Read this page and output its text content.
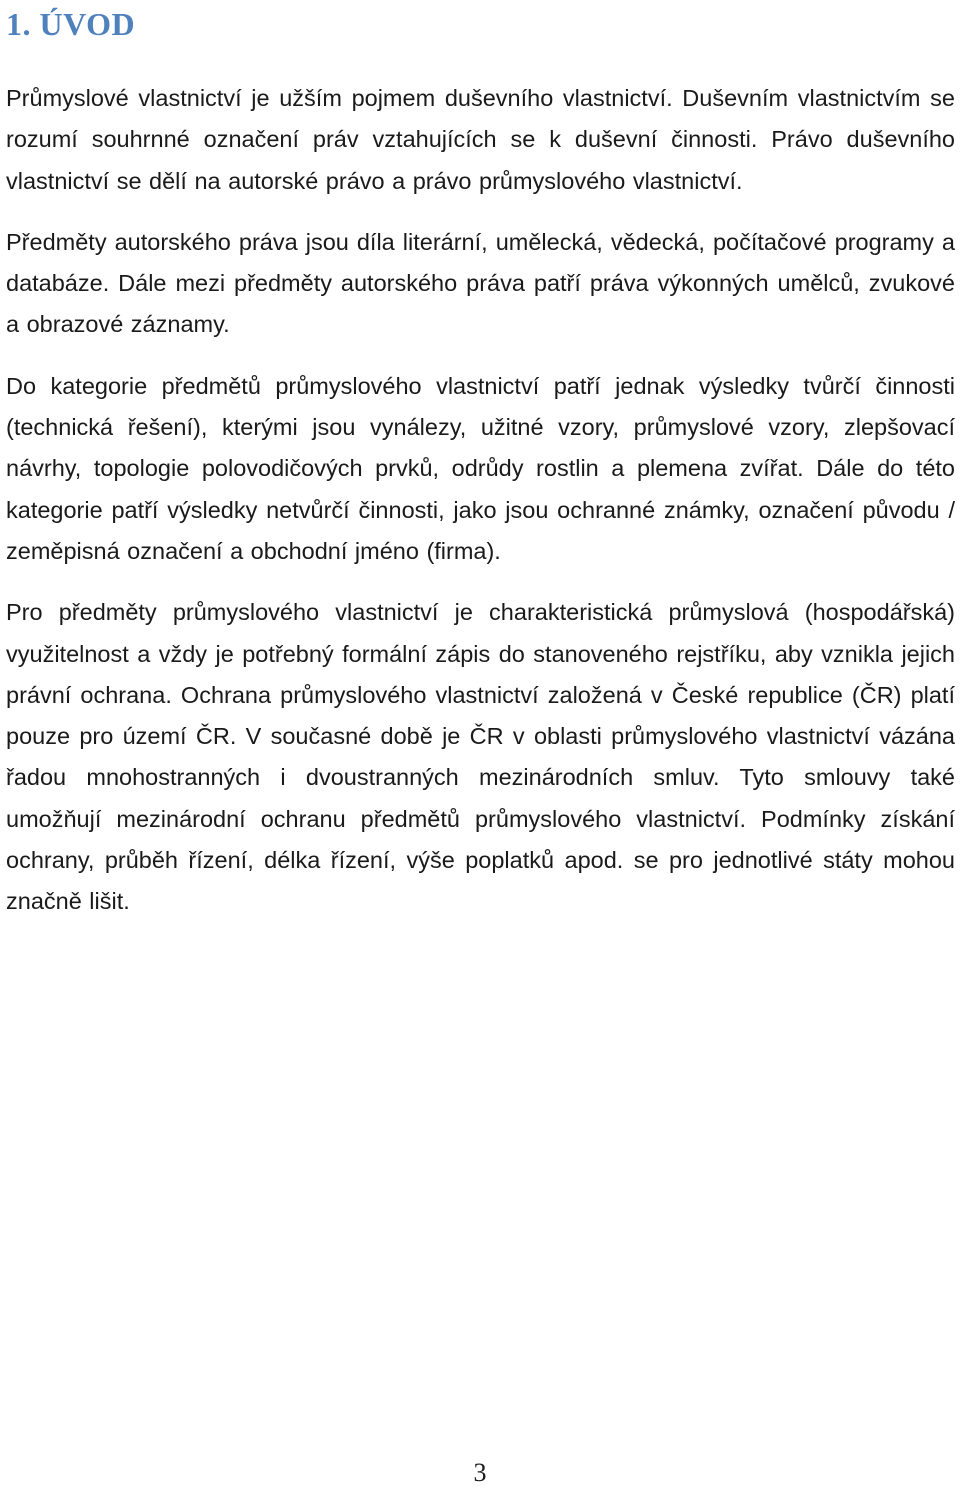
1. ÚVOD

Průmyslové vlastnictví je užším pojmem duševního vlastnictví. Duševním vlastnictvím se rozumí souhrnné označení práv vztahujících se k duševní činnosti. Právo duševního vlastnictví se dělí na autorské právo a právo průmyslového vlastnictví.

Předměty autorského práva jsou díla literární, umělecká, vědecká, počítačové programy a databáze. Dále mezi předměty autorského práva patří práva výkonných umělců, zvukové a obrazové záznamy.

Do kategorie předmětů průmyslového vlastnictví patří jednak výsledky tvůrčí činnosti (technická řešení), kterými jsou vynálezy, užitné vzory, průmyslové vzory, zlepšovací návrhy, topologie polovodičových prvků, odrůdy rostlin a plemena zvířat. Dále do této kategorie patří výsledky netvůrčí činnosti, jako jsou ochranné známky, označení původu / zeměpisná označení a obchodní jméno (firma).

Pro předměty průmyslového vlastnictví je charakteristická průmyslová (hospodářská) využitelnost a vždy je potřebný formální zápis do stanoveného rejstříku, aby vznikla jejich právní ochrana. Ochrana průmyslového vlastnictví založená v České republice (ČR) platí pouze pro území ČR. V současné době je ČR v oblasti průmyslového vlastnictví vázána řadou mnohostranných i dvoustranných mezinárodních smluv. Tyto smlouvy také umožňují mezinárodní ochranu předmětů průmyslového vlastnictví. Podmínky získání ochrany, průběh řízení, délka řízení, výše poplatků apod. se pro jednotlivé státy mohou značně lišit.

3
